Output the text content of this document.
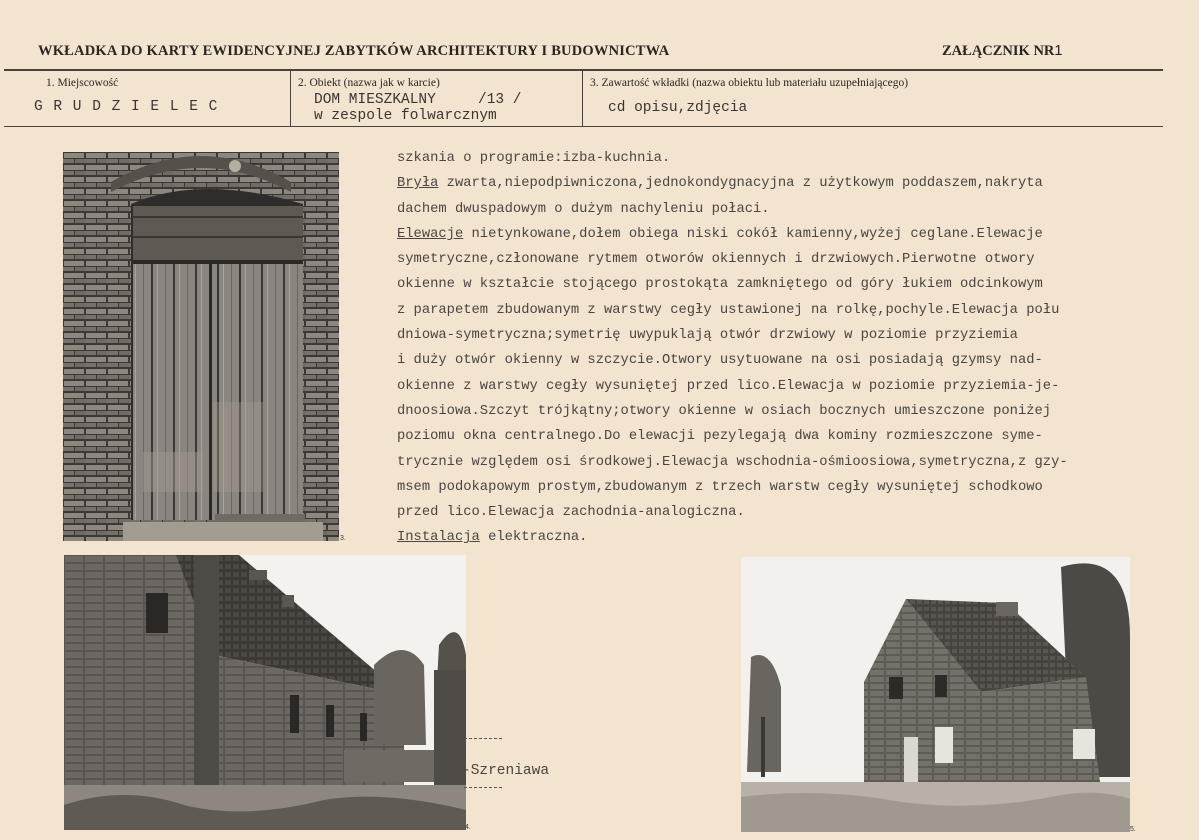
WKŁADKA DO KARTY EWIDENCYJNEJ ZABYTKÓW ARCHITEKTURY I BUDOWNICTWA	ZAŁĄCZNIK NR1
1. Miejscowość
G R U D Z I E L E C
2. Obiekt (nazwa jak w karcie)
DOM MIESZKALNY	/13 /
w zespole folwarcznym
3. Zawartość wkładki (nazwa obiektu lub materiału uzupełniającego)
cd opisu,zdjęcia
3.
4.	5.
szkania o programie:izba-kuchnia.
Bryła zwarta,niepodpiwniczona,jednokondygnacyjna z użytkowym poddaszem,nakryta
dachem dwuspadowym o dużym nachyleniu połaci.
Elewacje nietynkowane,dołem obiega niski cokół kamienny,wyżej ceglane.Elewacje
symetryczne,członowane rytmem otworów okiennych i drzwiowych.Pierwotne otwory
okienne w kształcie stojącego prostokąta zamkniętego od góry łukiem odcinkowym
z parapetem zbudowanym z warstwy cegły ustawionej na rolkę,pochyle.Elewacja połu
dniowa-symetryczna;symetrię uwypuklają otwór drzwiowy w poziomie przyziemia
i duży otwór okienny w szczycie.Otwory usytuowane na osi posiadają gzymsy nad-
okienne z warstwy cegły wysuniętej przed lico.Elewacja w poziomie przyziemia-je-
dnoosiowa.Szczyt trójkątny;otwory okienne w osiach bocznych umieszczone poniżej
poziomu okna centralnego.Do elewacji pezylegają dwa kominy rozmieszczone syme-
trycznie względem osi środkowej.Elewacja wschodnia-ośmioosiowa,symetryczna,z gzy-
msem podokapowym prostym,zbudowanym z trzech warstw cegły wysuniętej schodkowo
przed lico.Elewacja zachodnia-analogiczna.
Instalacja elektraczna.
-Szreniawa
